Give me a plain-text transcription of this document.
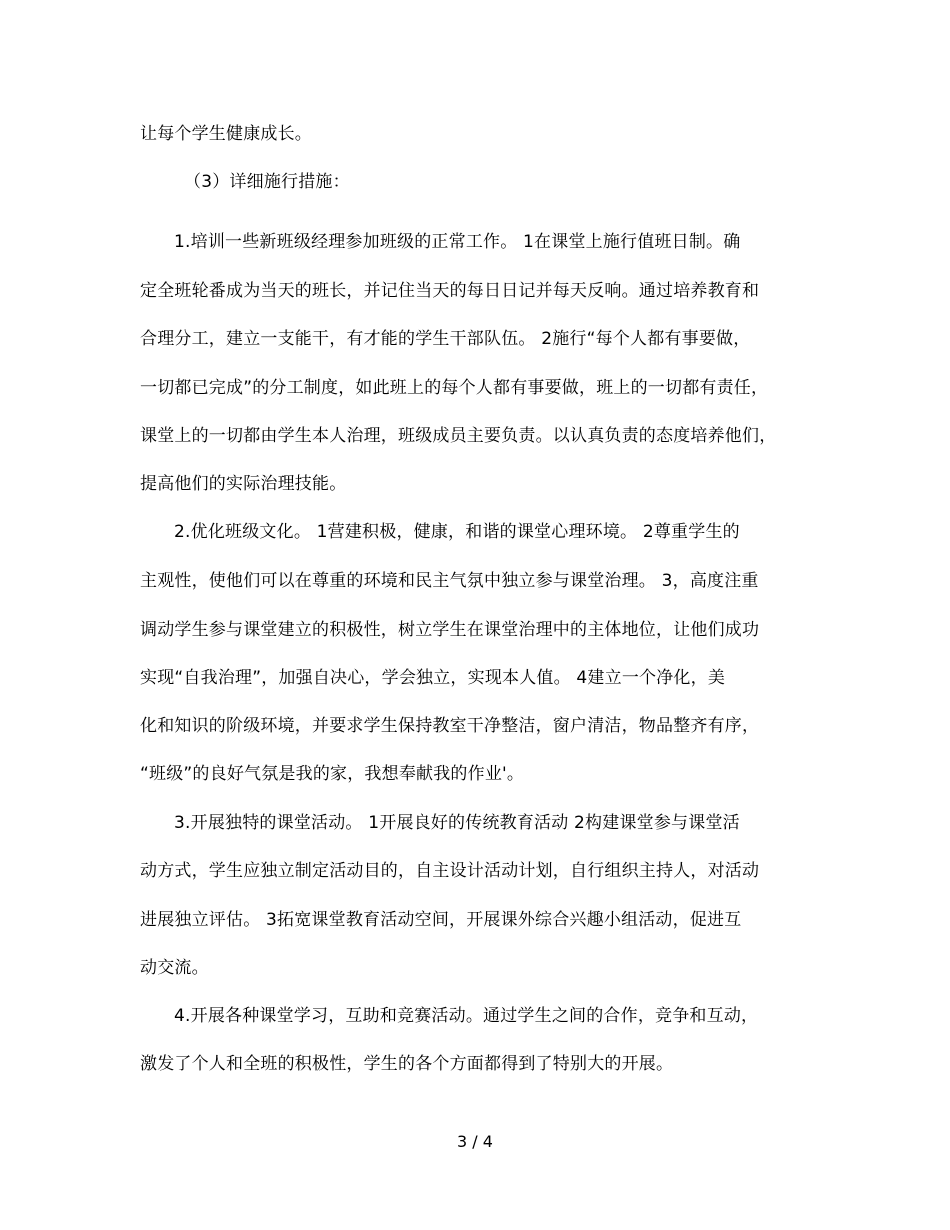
让每个学生健康成长。
（3）详细施行措施：
1.培训一些新班级经理参加班级的正常工作。 1在课堂上施行值班日制。确
定全班轮番成为当天的班长，并记住当天的每日日记并每天反响。通过培养教育和
合理分工，建立一支能干，有才能的学生干部队伍。 2施行“每个人都有事要做，
一切都已完成”的分工制度，如此班上的每个人都有事要做，班上的一切都有责任，
课堂上的一切都由学生本人治理，班级成员主要负责。以认真负责的态度培养他们，
提高他们的实际治理技能。
2.优化班级文化。 1营建积极，健康，和谐的课堂心理环境。 2尊重学生的
主观性，使他们可以在尊重的环境和民主气氛中独立参与课堂治理。 3，高度注重
调动学生参与课堂建立的积极性，树立学生在课堂治理中的主体地位，让他们成功
实现“自我治理”，加强自决心，学会独立，实现本人值。 4建立一个净化，美
化和知识的阶级环境，并要求学生保持教室干净整洁，窗户清洁，物品整齐有序，
“班级”的良好气氛是我的家，我想奉献我的作业'。
3.开展独特的课堂活动。 1开展良好的传统教育活动 2构建课堂参与课堂活
动方式，学生应独立制定活动目的，自主设计活动计划，自行组织主持人，对活动
进展独立评估。 3拓宽课堂教育活动空间，开展课外综合兴趣小组活动，促进互
动交流。
4.开展各种课堂学习，互助和竞赛活动。通过学生之间的合作，竞争和互动，
激发了个人和全班的积极性，学生的各个方面都得到了特别大的开展。
3 / 4
